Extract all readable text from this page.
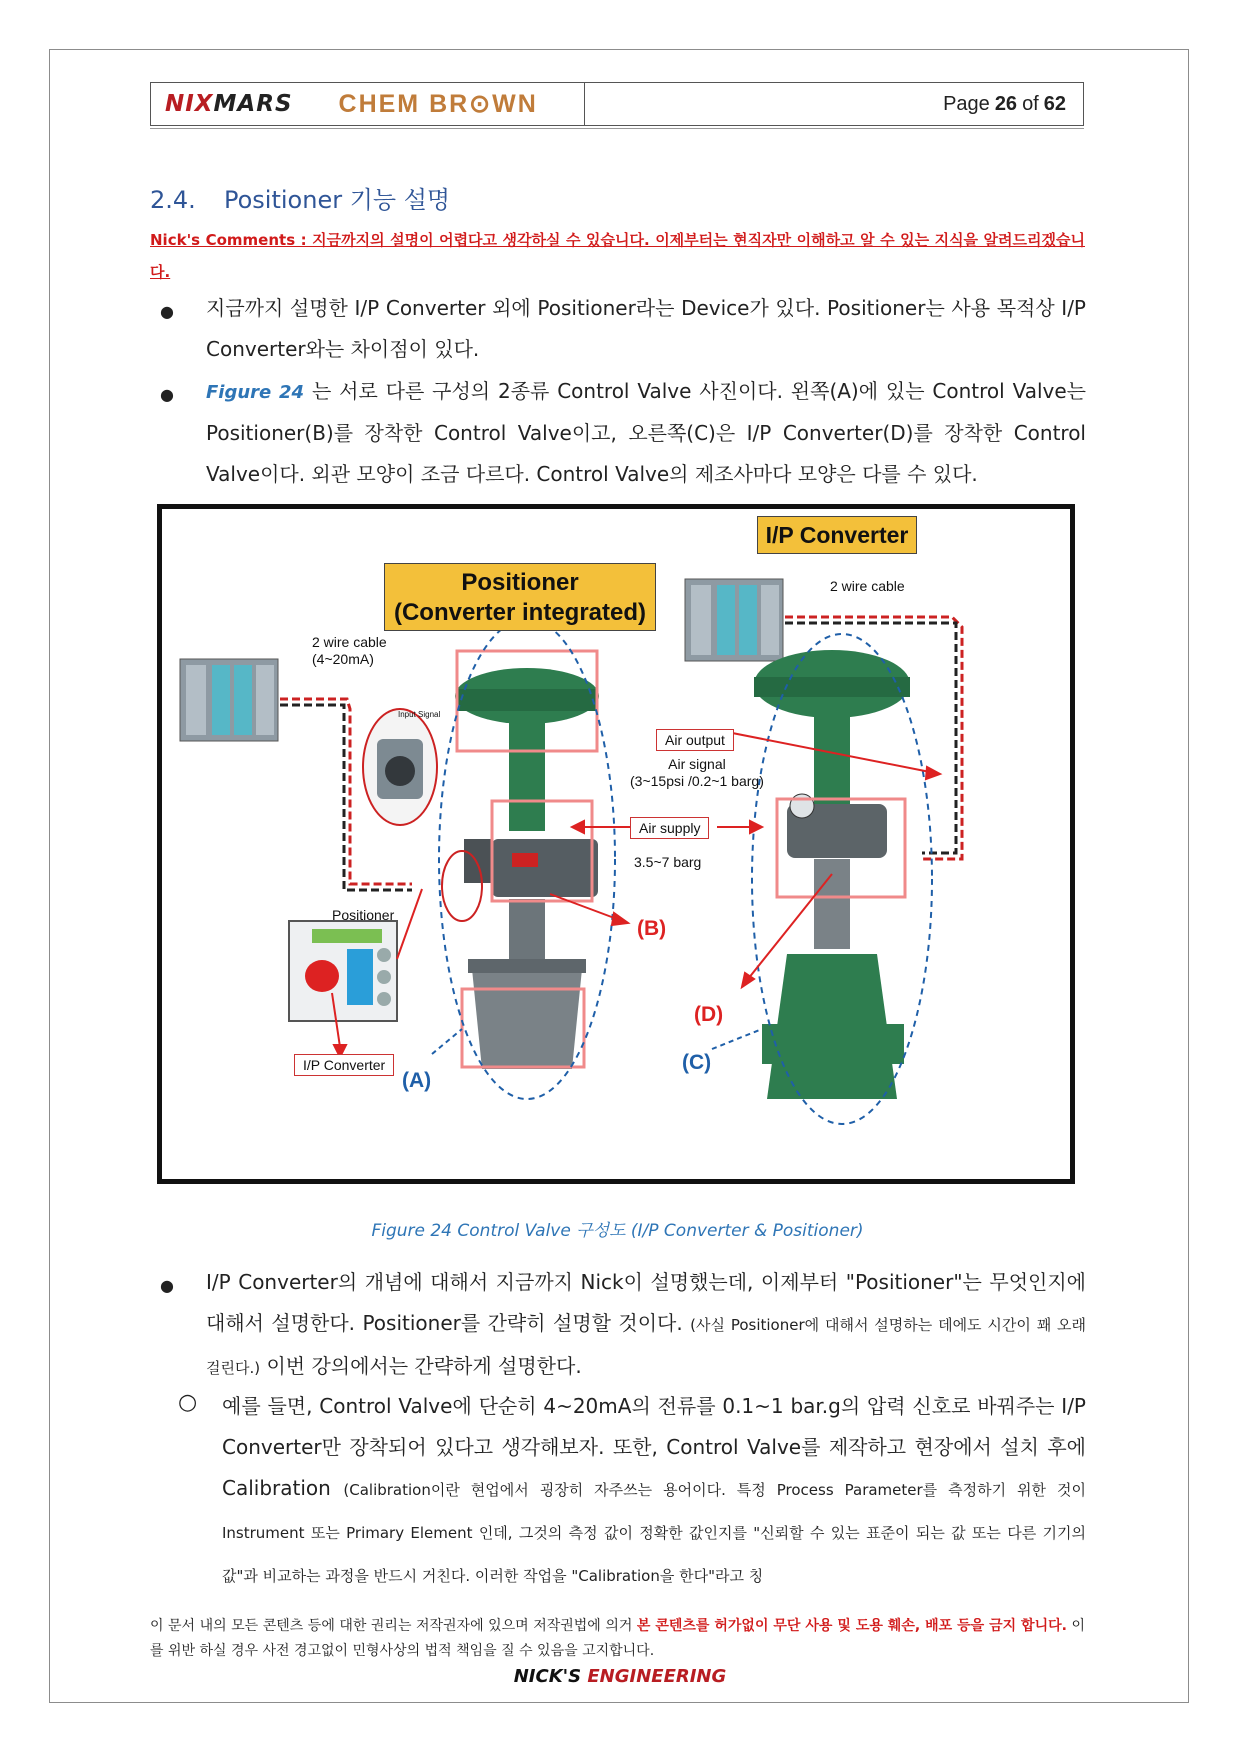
NIXMARS CHEM BR⊙WN	Page 26 of 62
2.4. Positioner 기능 설명
Nick's Comments : 지금까지의 설명이 어렵다고 생각하실 수 있습니다. 이제부터는 현직자만 이해하고 알 수 있는 지식을 알려드리겠습니다.
●	지금까지 설명한 I/P Converter 외에 Positioner라는 Device가 있다. Positioner는 사용 목적상 I/P Converter와는 차이점이 있다.
●	Figure 24 는 서로 다른 구성의 2종류 Control Valve 사진이다. 왼쪽(A)에 있는 Control Valve는 Positioner(B)를 장착한 Control Valve이고, 오른쪽(C)은 I/P Converter(D)를 장착한 Control Valve이다. 외관 모양이 조금 다르다. Control Valve의 제조사마다 모양은 다를 수 있다.
I/P Converter
Positioner
(Converter integrated)
2 wire cable
(4~20mA)
2 wire cable
Input Signal
Air output
Air signal
(3~15psi /0.2~1 barg)
Air supply
3.5~7 barg
Positioner
I/P Converter
(A)
(B)
(C)
(D)
Figure 24 Control Valve 구성도 (I/P Converter & Positioner)
●	I/P Converter의 개념에 대해서 지금까지 Nick이 설명했는데, 이제부터 "Positioner"는 무엇인지에 대해서 설명한다. Positioner를 간략히 설명할 것이다. (사실 Positioner에 대해서 설명하는 데에도 시간이 꽤 오래 걸린다.) 이번 강의에서는 간략하게 설명한다.
○ 예를 들면, Control Valve에 단순히 4~20mA의 전류를 0.1~1 bar.g의 압력 신호로 바꿔주는 I/P Converter만 장착되어 있다고 생각해보자. 또한, Control Valve를 제작하고 현장에서 설치 후에 Calibration (Calibration이란 현업에서 굉장히 자주쓰는 용어이다. 특정 Process Parameter를 측정하기 위한 것이 Instrument 또는 Primary Element 인데, 그것의 측정 값이 정확한 값인지를 "신뢰할 수 있는 표준이 되는 값 또는 다른 기기의 값"과 비교하는 과정을 반드시 거친다. 이러한 작업을 "Calibration을 한다"라고 칭
이 문서 내의 모든 콘텐츠 등에 대한 권리는 저작권자에 있으며 저작권법에 의거 본 콘텐츠를 허가없이 무단 사용 및 도용 훼손, 배포 등을 금지 합니다. 이를 위반 하실 경우 사전 경고없이 민형사상의 법적 책임을 질 수 있음을 고지합니다.
NICK'S ENGINEERING
